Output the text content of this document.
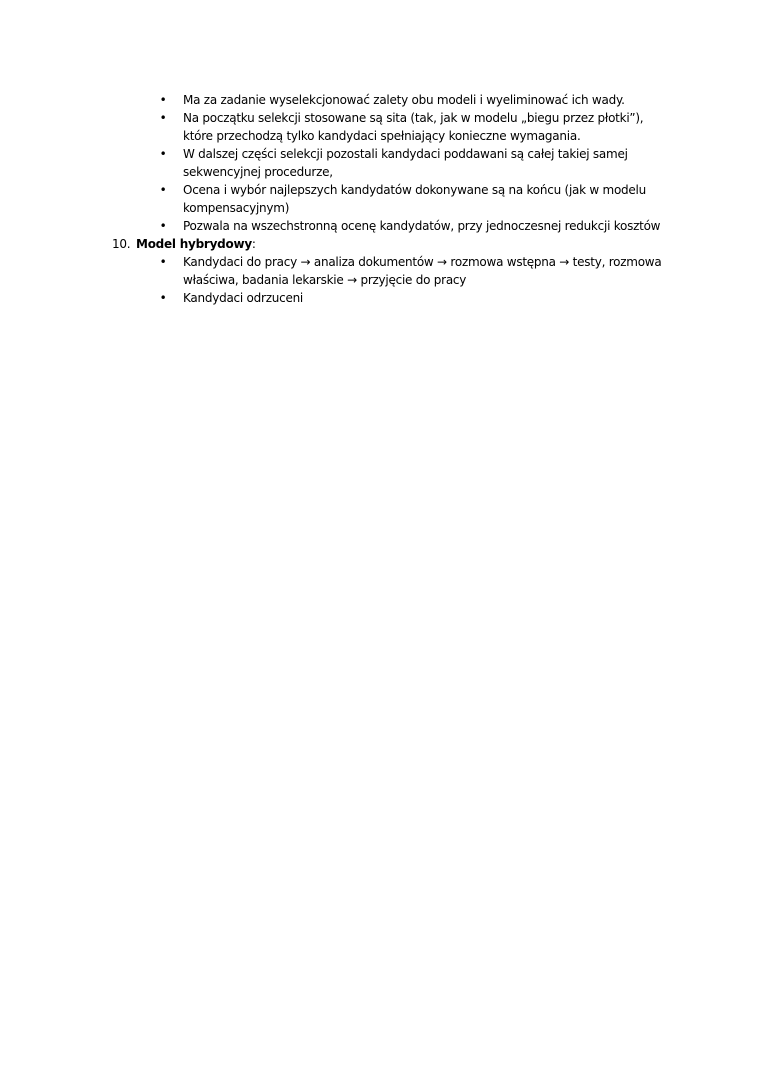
• Ma za zadanie wyselekcjonować zalety obu modeli i wyeliminować ich wady.
• Na początku selekcji stosowane są sita (tak, jak w modelu „biegu przez płotki”), które przechodzą tylko kandydaci spełniający konieczne wymagania.
• W dalszej części selekcji pozostali kandydaci poddawani są całej takiej samej sekwencyjnej procedurze,
• Ocena i wybór najlepszych kandydatów dokonywane są na końcu (jak w modelu kompensacyjnym)
• Pozwala na wszechstronną ocenę kandydatów, przy jednoczesnej redukcji kosztów
10. Model hybrydowy:
• Kandydaci do pracy → analiza dokumentów → rozmowa wstępna → testy, rozmowa właściwa, badania lekarskie → przyjęcie do pracy
• Kandydaci odrzuceni
